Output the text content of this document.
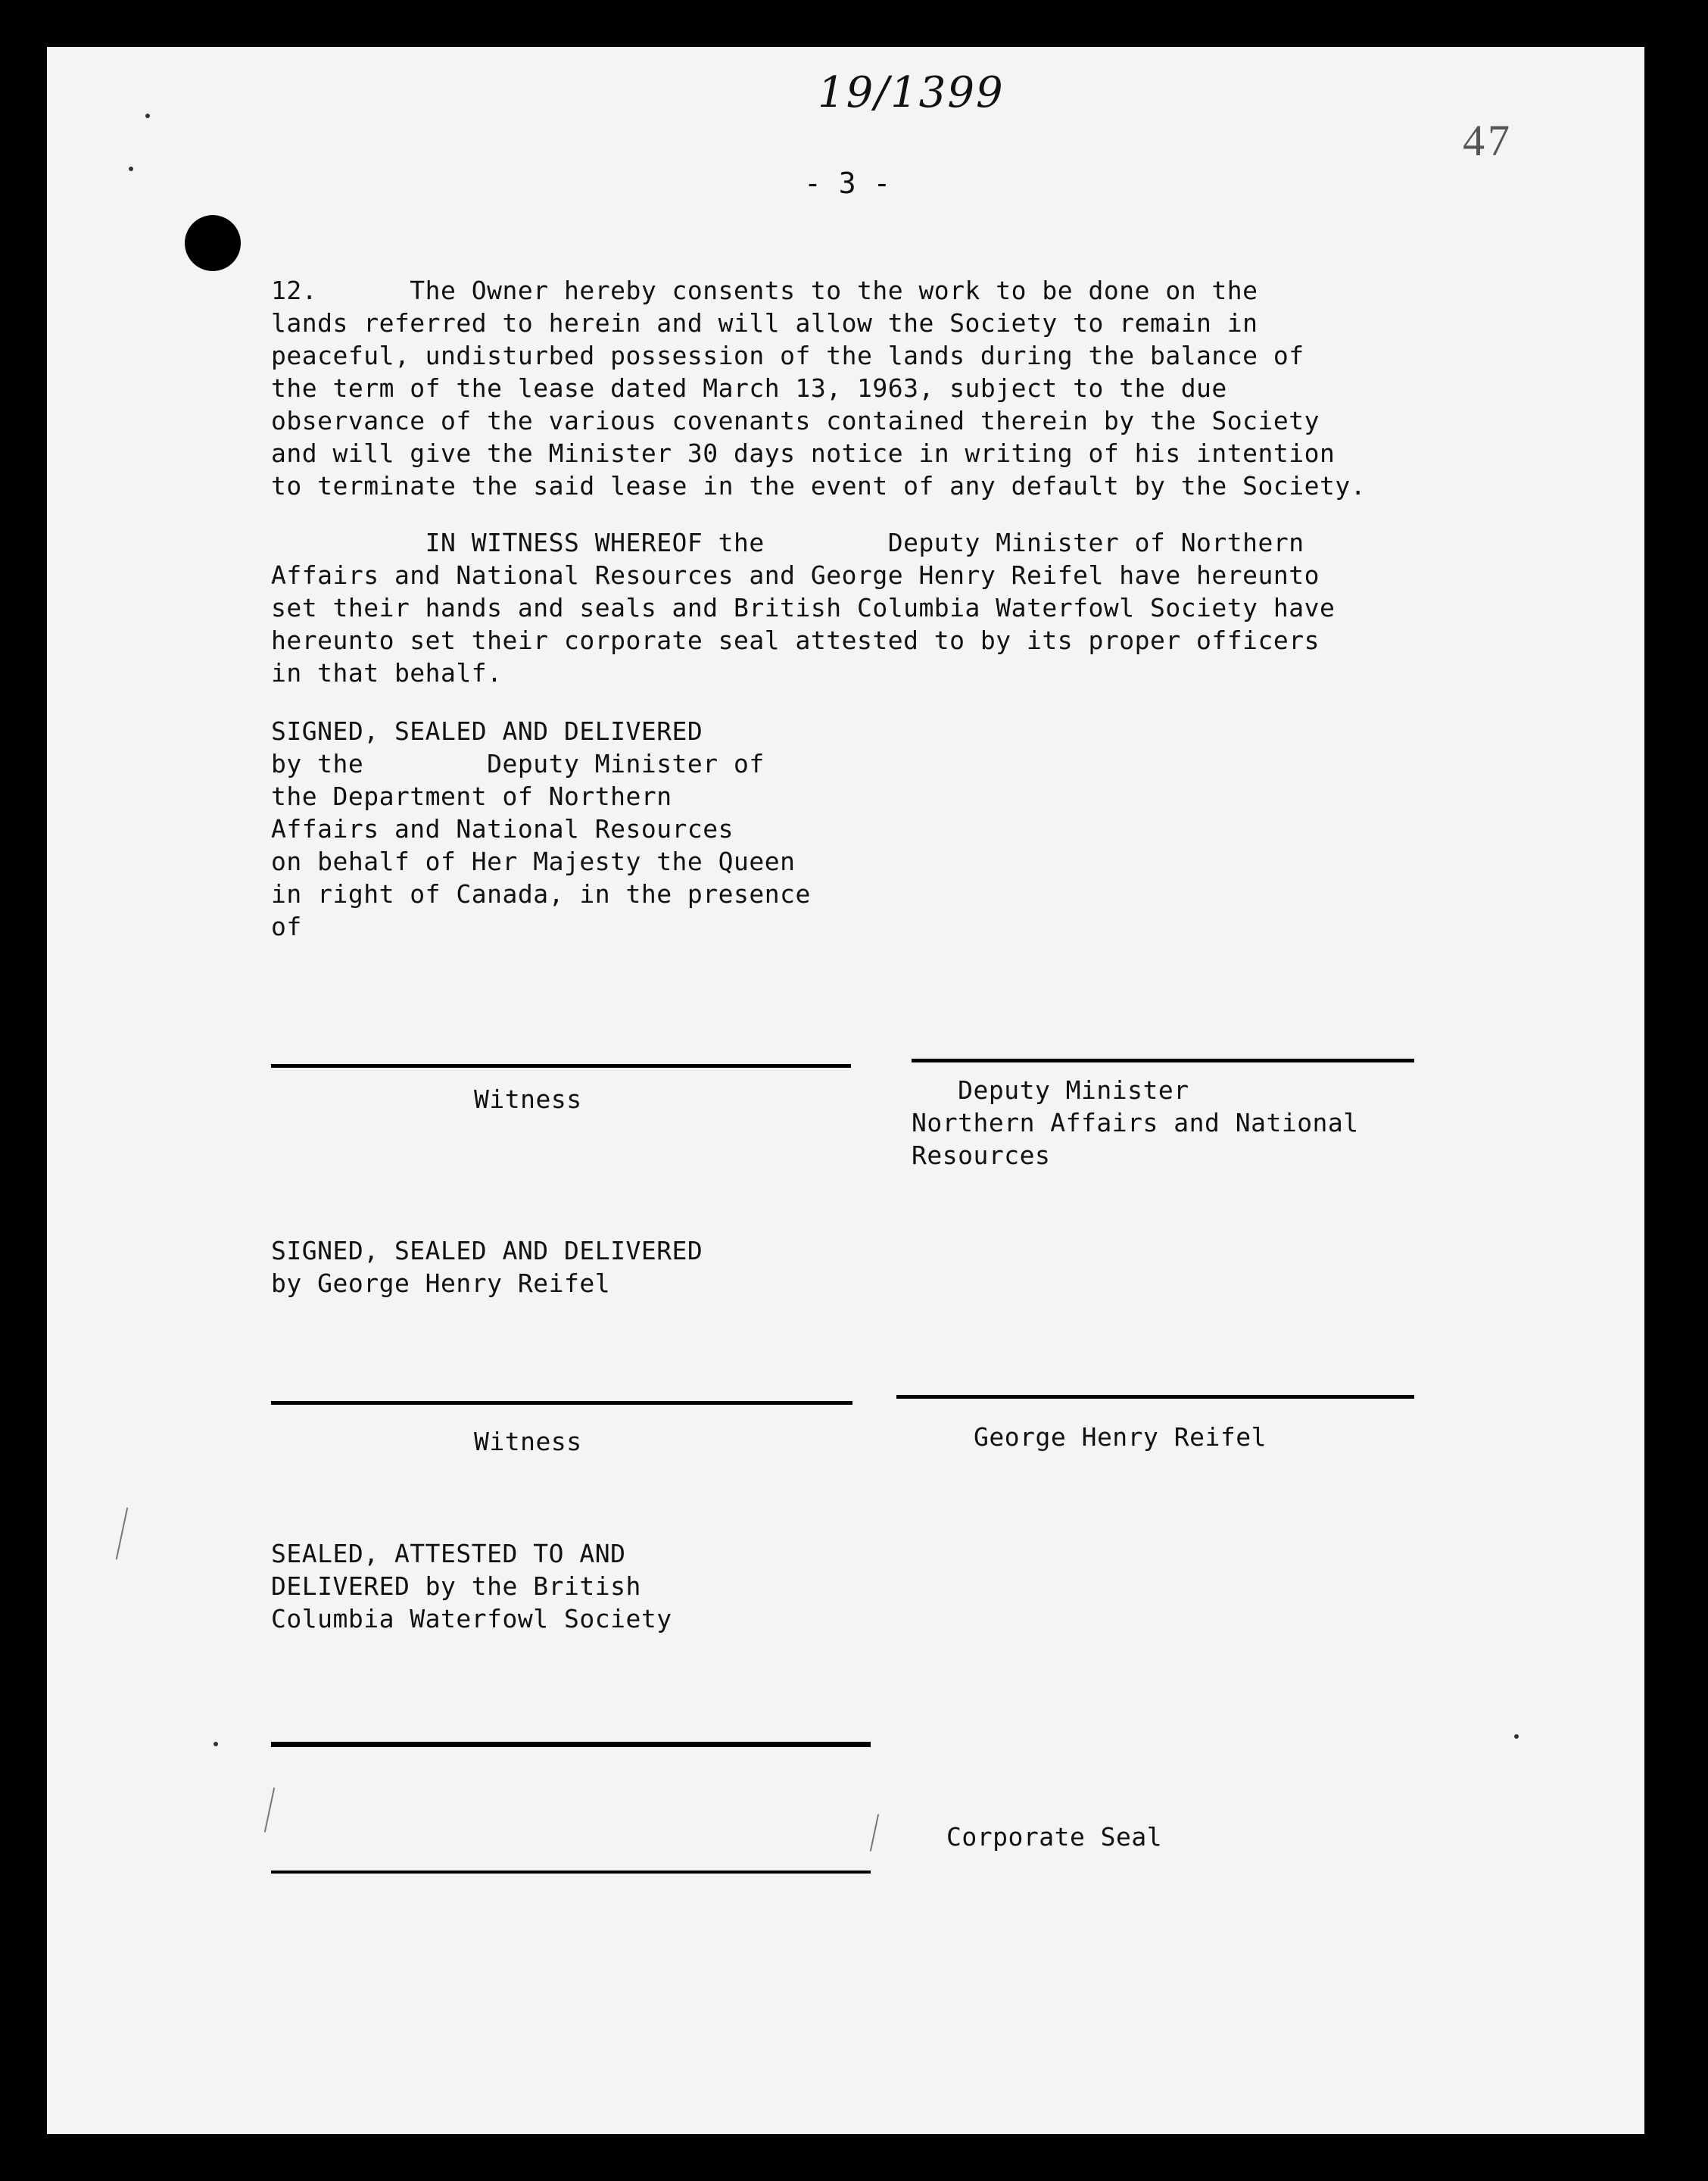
19/1399
47
- 3 -
12.      The Owner hereby consents to the work to be done on the
lands referred to herein and will allow the Society to remain in
peaceful, undisturbed possession of the lands during the balance of
the term of the lease dated March 13, 1963, subject to the due
observance of the various covenants contained therein by the Society
and will give the Minister 30 days notice in writing of his intention
to terminate the said lease in the event of any default by the Society.
IN WITNESS WHEREOF the        Deputy Minister of Northern
Affairs and National Resources and George Henry Reifel have hereunto
set their hands and seals and British Columbia Waterfowl Society have
hereunto set their corporate seal attested to by its proper officers
in that behalf.
SIGNED, SEALED AND DELIVERED
by the        Deputy Minister of
the Department of Northern
Affairs and National Resources
on behalf of Her Majesty the Queen
in right of Canada, in the presence
of
Witness	Deputy Minister
Northern Affairs and National
Resources
SIGNED, SEALED AND DELIVERED
by George Henry Reifel
Witness	George Henry Reifel
SEALED, ATTESTED TO AND
DELIVERED by the British
Columbia Waterfowl Society
Corporate Seal
